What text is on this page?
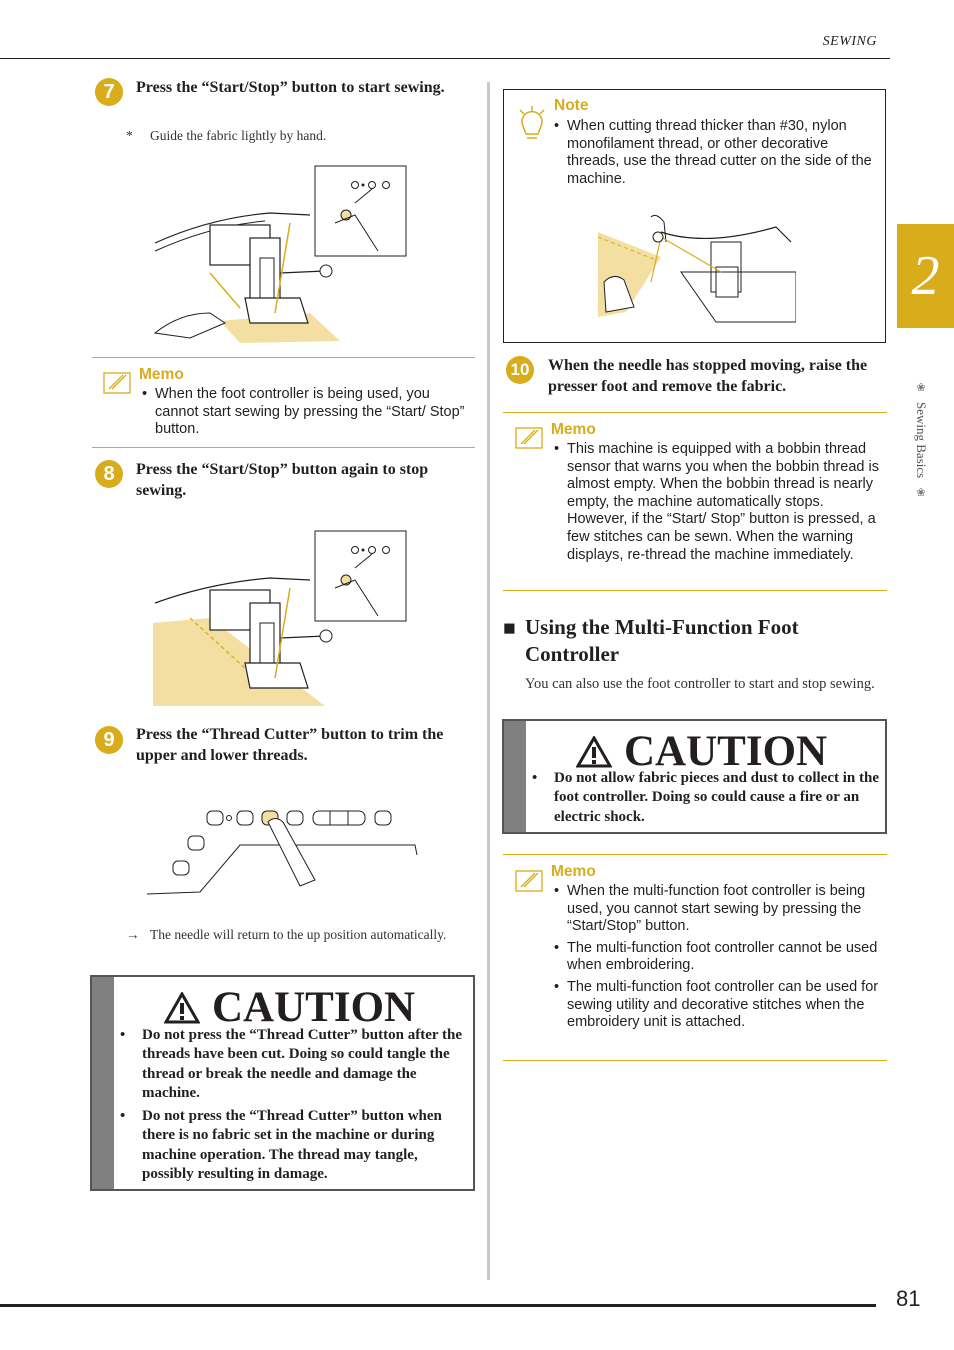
SEWING
2
❀
Sewing Basics
❀
7	Press the “Start/Stop” button to start sewing.
* Guide the fabric lightly by hand.
Memo
• When the foot controller is being used, you cannot start sewing by pressing the “Start/ Stop” button.
8	Press the “Start/Stop” button again to stop sewing.
9	Press the “Thread Cutter” button to trim the upper and lower threads.
→ The needle will return to the up position automatically.
CAUTION
• Do not press the “Thread Cutter” button after the threads have been cut. Doing so could tangle the thread or break the needle and damage the machine.
• Do not press the “Thread Cutter” button when there is no fabric set in the machine or during machine operation. The thread may tangle, possibly resulting in damage.
Note
• When cutting thread thicker than #30, nylon monofilament thread, or other decorative threads, use the thread cutter on the side of the machine.
10 When the needle has stopped moving, raise the presser foot and remove the fabric.
Memo
• This machine is equipped with a bobbin thread sensor that warns you when the bobbin thread is almost empty. When the bobbin thread is nearly empty, the machine automatically stops. However, if the “Start/ Stop” button is pressed, a few stitches can be sewn. When the warning displays, re-thread the machine immediately.
■ Using the Multi-Function Foot Controller
You can also use the foot controller to start and stop sewing.
CAUTION
• Do not allow fabric pieces and dust to collect in the foot controller. Doing so could cause a fire or an electric shock.
Memo
• When the multi-function foot controller is being used, you cannot start sewing by pressing the “Start/Stop” button.
• The multi-function foot controller cannot be used when embroidering.
• The multi-function foot controller can be used for sewing utility and decorative stitches when the embroidery unit is attached.
81
